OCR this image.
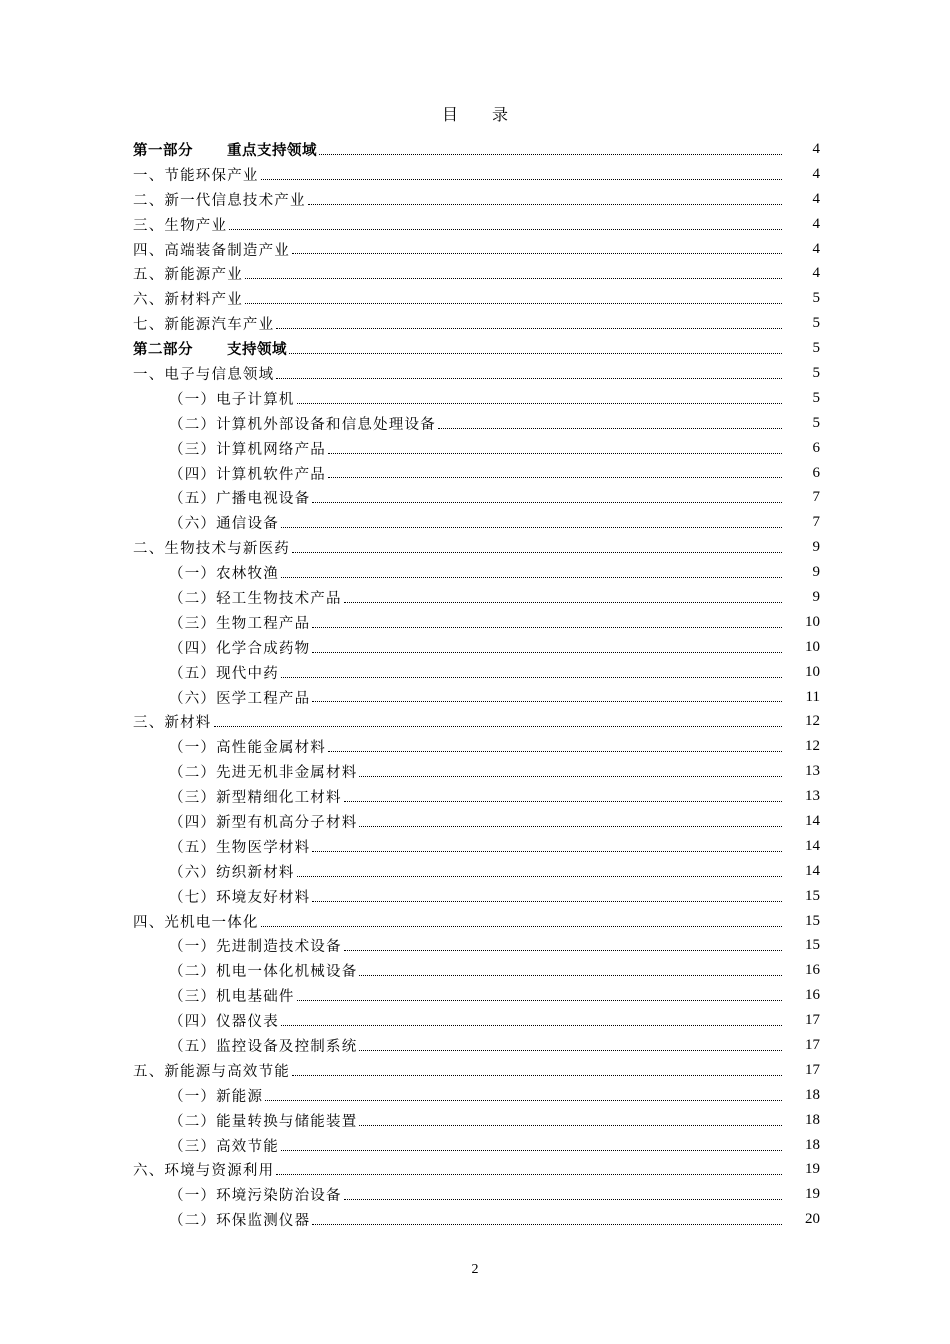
目录
第一部分 重点支持领域	4
一、节能环保产业	4
二、新一代信息技术产业	4
三、生物产业	4
四、高端装备制造产业	4
五、新能源产业	4
六、新材料产业	5
七、新能源汽车产业	5
第二部分 支持领域	5
一、电子与信息领域	5
（一）电子计算机	5
（二）计算机外部设备和信息处理设备	5
（三）计算机网络产品	6
（四）计算机软件产品	6
（五）广播电视设备	7
（六）通信设备	7
二、生物技术与新医药	9
（一）农林牧渔	9
（二）轻工生物技术产品	9
（三）生物工程产品	10
（四）化学合成药物	10
（五）现代中药	10
（六）医学工程产品	11
三、新材料	12
（一）高性能金属材料	12
（二）先进无机非金属材料	13
（三）新型精细化工材料	13
（四）新型有机高分子材料	14
（五）生物医学材料	14
（六）纺织新材料	14
（七）环境友好材料	15
四、光机电一体化	15
（一）先进制造技术设备	15
（二）机电一体化机械设备	16
（三）机电基础件	16
（四）仪器仪表	17
（五）监控设备及控制系统	17
五、新能源与高效节能	17
（一）新能源	18
（二）能量转换与储能装置	18
（三）高效节能	18
六、环境与资源利用	19
（一）环境污染防治设备	19
（二）环保监测仪器	20
2
